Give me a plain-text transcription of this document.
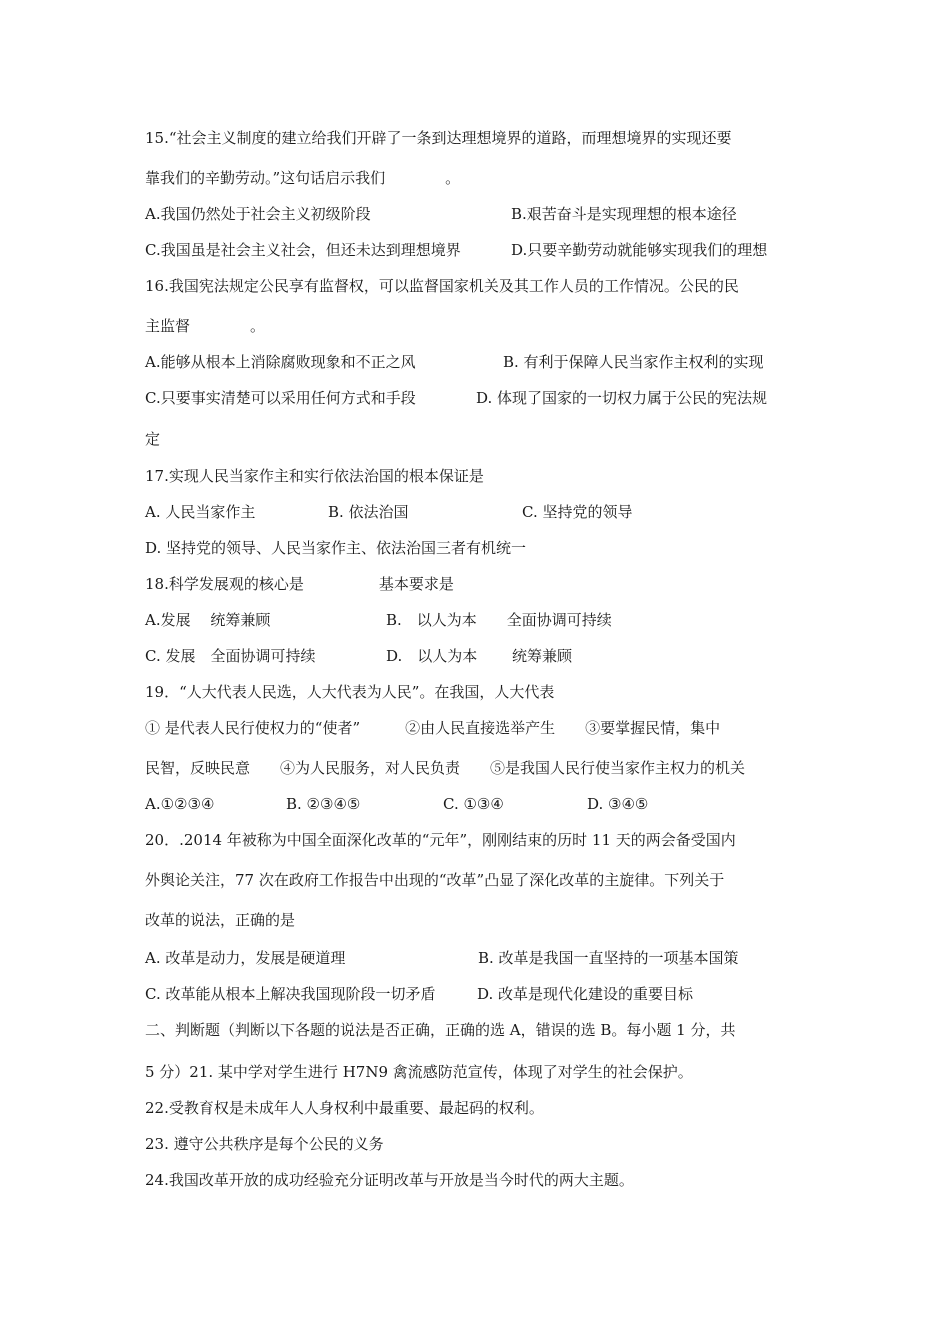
15.“社会主义制度的建立给我们开辟了一条到达理想境界的道路，而理想境界的实现还要
靠我们的辛勤劳动。”这句话启示我们　　　　。
A.我国仍然处于社会主义初级阶段	B.艰苦奋斗是实现理想的根本途径
C.我国虽是社会主义社会，但还未达到理想境界	D.只要辛勤劳动就能够实现我们的理想
16.我国宪法规定公民享有监督权，可以监督国家机关及其工作人员的工作情况。公民的民
主监督　　　　。
A.能够从根本上消除腐败现象和不正之风	B. 有利于保障人民当家作主权利的实现
C.只要事实清楚可以采用任何方式和手段	D. 体现了国家的一切权力属于公民的宪法规
定
17.实现人民当家作主和实行依法治国的根本保证是
A. 人民当家作主	B. 依法治国	C. 坚持党的领导
D. 坚持党的领导、人民当家作主、依法治国三者有机统一
18.科学发展观的核心是　　　　　基本要求是
A.发展　 统筹兼顾	B.　以人为本　　全面协调可持续
C. 发展　全面协调可持续	D.　以人为本　　 统筹兼顾
19．“人大代表人民选，人大代表为人民”。在我国，人大代表
① 是代表人民行使权力的“使者”　　　②由人民直接选举产生　　③要掌握民情，集中
民智，反映民意　　④为人民服务，对人民负责　　⑤是我国人民行使当家作主权力的机关
A.①②③④	B. ②③④⑤	C. ①③④	D. ③④⑤
20．.2014 年被称为中国全面深化改革的“元年”，刚刚结束的历时 11 天的两会备受国内
外舆论关注，77 次在政府工作报告中出现的“改革”凸显了深化改革的主旋律。下列关于
改革的说法，正确的是
A. 改革是动力，发展是硬道理	B. 改革是我国一直坚持的一项基本国策
C. 改革能从根本上解决我国现阶段一切矛盾	D. 改革是现代化建设的重要目标
二、判断题（判断以下各题的说法是否正确，正确的选 A，错误的选 B。每小题 1 分，共
5 分）21. 某中学对学生进行 H7N9 禽流感防范宣传，体现了对学生的社会保护。
22.受教育权是未成年人人身权利中最重要、最起码的权利。
23. 遵守公共秩序是每个公民的义务
24.我国改革开放的成功经验充分证明改革与开放是当今时代的两大主题。
